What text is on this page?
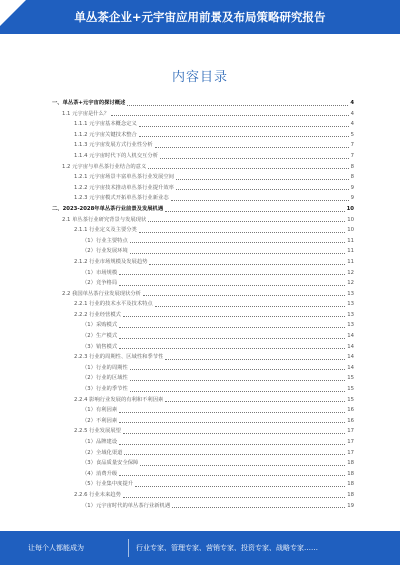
单丛茶企业+元宇宙应用前景及布局策略研究报告
内容目录
一、单丛茶+元宇宙的探讨概述	4
1.1 元宇宙是什么？	4
1.1.1 元宇宙基本概念定义	4
1.1.2 元宇宙关键技术整合	5
1.1.3 元宇宙发展方式行业性分析	7
1.1.4 元宇宙时代下的人机交互分析	7
1.2 元宇宙与单丛茶行业结合的意义	8
1.2.1 元宇宙场景丰富单丛茶行业发展空间	8
1.2.2 元宇宙技术推动单丛茶行业提升效率	9
1.2.3 元宇宙模式开拓单丛茶行业新业态	9
二、2023-2028年单丛茶行业前景及发展机遇	10
2.1 单丛茶行业研究背景与发展现状	10
2.1.1 行业定义及主要分类	10
（1）行业主要特点	11
（2）行业发展环境	11
2.1.2 行业市场规模及发展趋势	11
（1）市场规模	12
（2）竞争格局	12
2.2 我国单丛茶行业发展现状分析	13
2.2.1 行业的技术水平及技术特点	13
2.2.2 行业经营模式	13
（1）采购模式	13
（2）生产模式	14
（3）销售模式	14
2.2.3 行业的周期性、区域性和季节性	14
（1）行业的周期性	14
（2）行业的区域性	15
（3）行业的季节性	15
2.2.4 影响行业发展的有利和不利因素	15
（1）有利因素	16
（2）不利因素	16
2.2.5 行业发展展望	17
（1）品牌建设	17
（2）全域化渠道	17
（3）食品质量安全保障	18
（4）消费升级	18
（5）行业集中度提升	18
2.2.6 行业未来趋势	18
（1）元宇宙时代的单丛茶行业新机遇	19
让每个人都能成为	行业专家、管理专家、营销专家、投资专家、战略专家……
